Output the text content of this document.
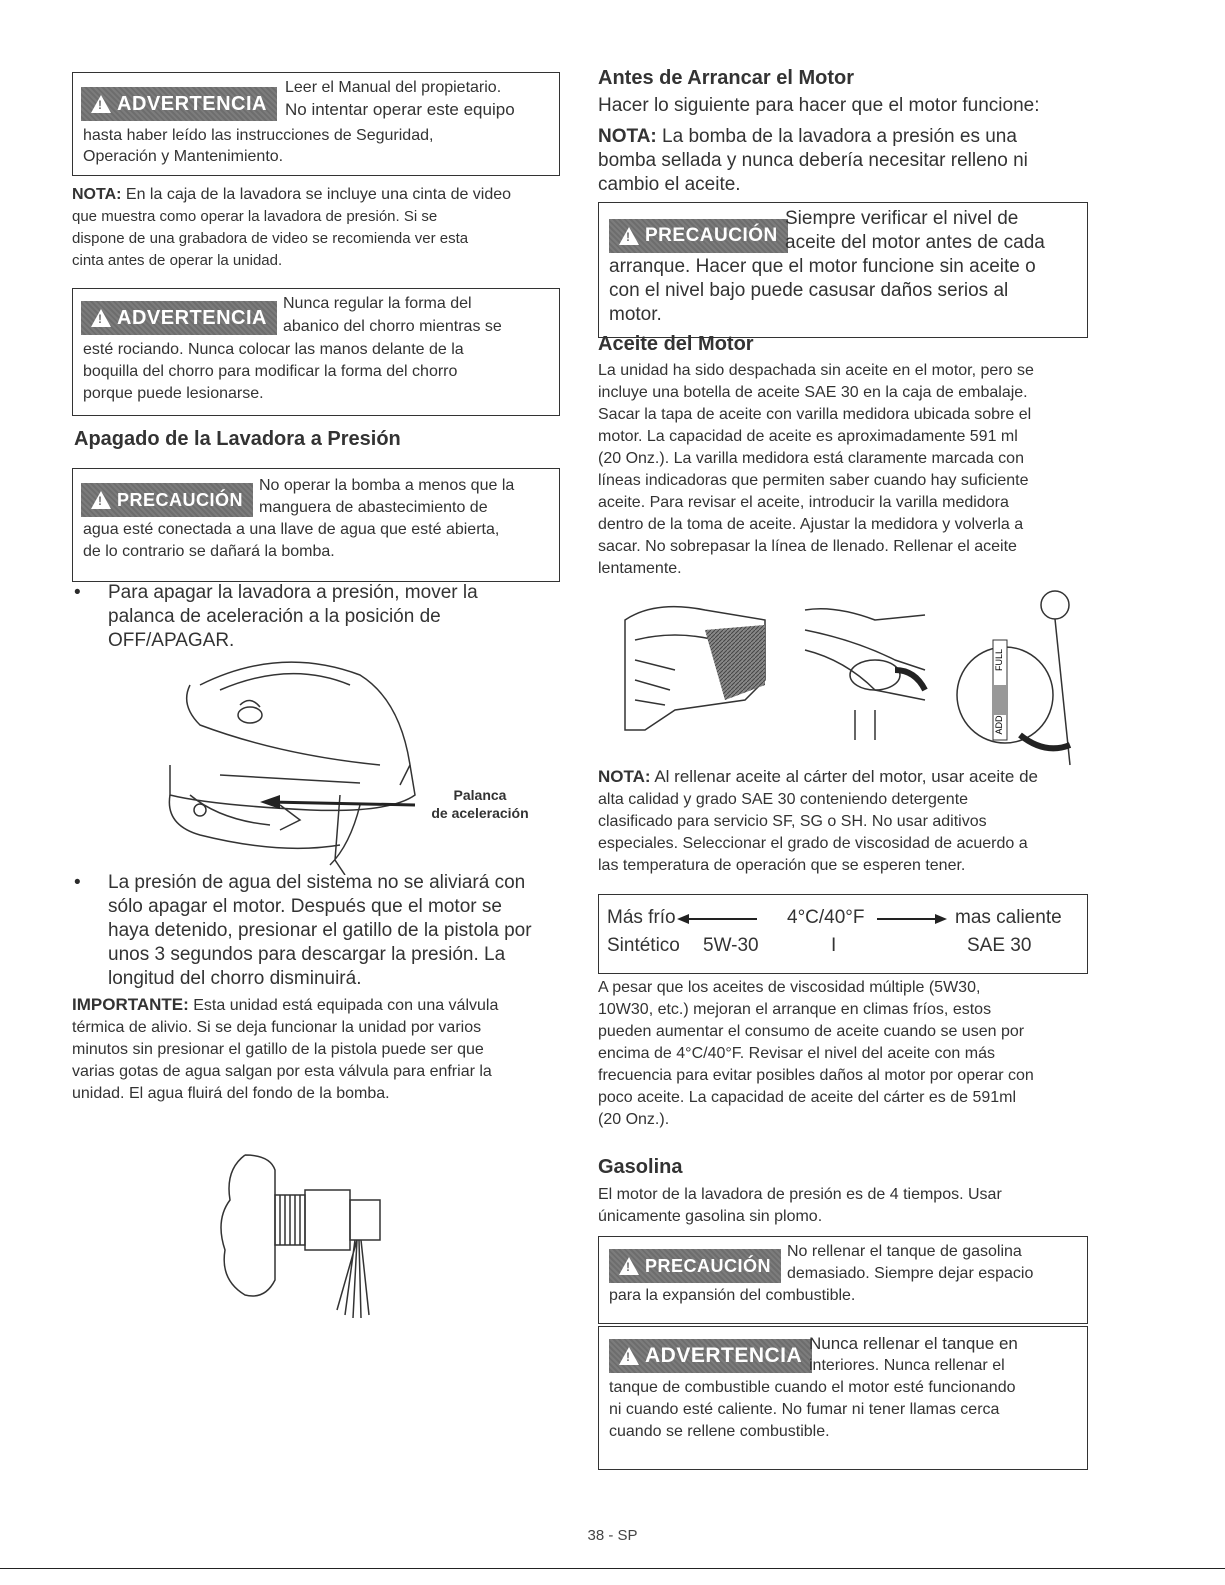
!
ADVERTENCIA
Leer el Manual del propietario.
No intentar operar este equipo
hasta haber leído las instrucciones de Seguridad,
Operación y Mantenimiento.
NOTA: En la caja de la lavadora se incluye una cinta de video
que muestra como operar la lavadora de presión. Si se
dispone de una grabadora de video se recomienda ver esta
cinta antes de operar la unidad.
!
ADVERTENCIA
Nunca regular la forma del
abanico del chorro mientras se
esté rociando. Nunca colocar las manos delante de la
boquilla del chorro para modificar la forma del chorro
porque puede lesionarse.
Apagado de la Lavadora a Presión
!
PRECAUCIÓN
No operar la bomba a menos que la
manguera de abastecimiento de
agua esté conectada a una llave de agua que esté abierta,
de lo contrario se dañará la bomba.
• Para apagar la lavadora a presión, mover la
palanca de aceleración a la posición de
OFF/APAGAR.
Palanca
de aceleración
• La presión de agua del sistema no se aliviará con
sólo apagar el motor. Después que el motor se
haya detenido, presionar el gatillo de la pistola por
unos 3 segundos para descargar la presión. La
longitud del chorro disminuirá.
IMPORTANTE: Esta unidad está equipada con una válvula
térmica de alivio. Si se deja funcionar la unidad por varios
minutos sin presionar el gatillo de la pistola puede ser que
varias gotas de agua salgan por esta válvula para enfriar la
unidad. El agua fluirá del fondo de la bomba.
Antes de Arrancar el Motor
Hacer lo siguiente para hacer que el motor funcione:
NOTA: La bomba de la lavadora a presión es una
bomba sellada y nunca debería necesitar relleno ni
cambio el aceite.
!
PRECAUCIÓN
Siempre verificar el nivel de
aceite del motor antes de cada
arranque. Hacer que el motor funcione sin aceite o
con el nivel bajo puede casusar daños serios al
motor.
Aceite del Motor
La unidad ha sido despachada sin aceite en el motor, pero se
incluye una botella de aceite SAE 30 en la caja de embalaje.
Sacar la tapa de aceite con varilla medidora ubicada sobre el
motor. La capacidad de aceite es aproximadamente 591 ml
(20 Onz.). La varilla medidora está claramente marcada con
líneas indicadoras que permiten saber cuando hay suficiente
aceite. Para revisar el aceite, introducir la varilla medidora
dentro de la toma de aceite. Ajustar la medidora y volverla a
sacar. No sobrepasar la línea de llenado. Rellenar el aceite
lentamente.
FULL
ADD
NOTA: Al rellenar aceite al cárter del motor, usar aceite de
alta calidad y grado SAE 30 conteniendo detergente
clasificado para servicio SF, SG o SH. No usar aditivos
especiales. Seleccionar el grado de viscosidad de acuerdo a
las temperatura de operación que se esperen tener.
Más frío	4°C/40°F	mas caliente
Sintético 5W-30	I	SAE 30
A pesar que los aceites de viscosidad múltiple (5W30,
10W30, etc.) mejoran el arranque en climas fríos, estos
pueden aumentar el consumo de aceite cuando se usen por
encima de 4°C/40°F. Revisar el nivel del aceite con más
frecuencia para evitar posibles daños al motor por operar con
poco aceite. La capacidad de aceite del cárter es de 591ml
(20 Onz.).
Gasolina
El motor de la lavadora de presión es de 4 tiempos. Usar
únicamente gasolina sin plomo.
!
PRECAUCIÓN
No rellenar el tanque de gasolina
demasiado. Siempre dejar espacio
para la expansión del combustible.
!
ADVERTENCIA
Nunca rellenar el tanque en
interiores. Nunca rellenar el
tanque de combustible cuando el motor esté funcionando
ni cuando esté caliente. No fumar ni tener llamas cerca
cuando se rellene combustible.
38 - SP
